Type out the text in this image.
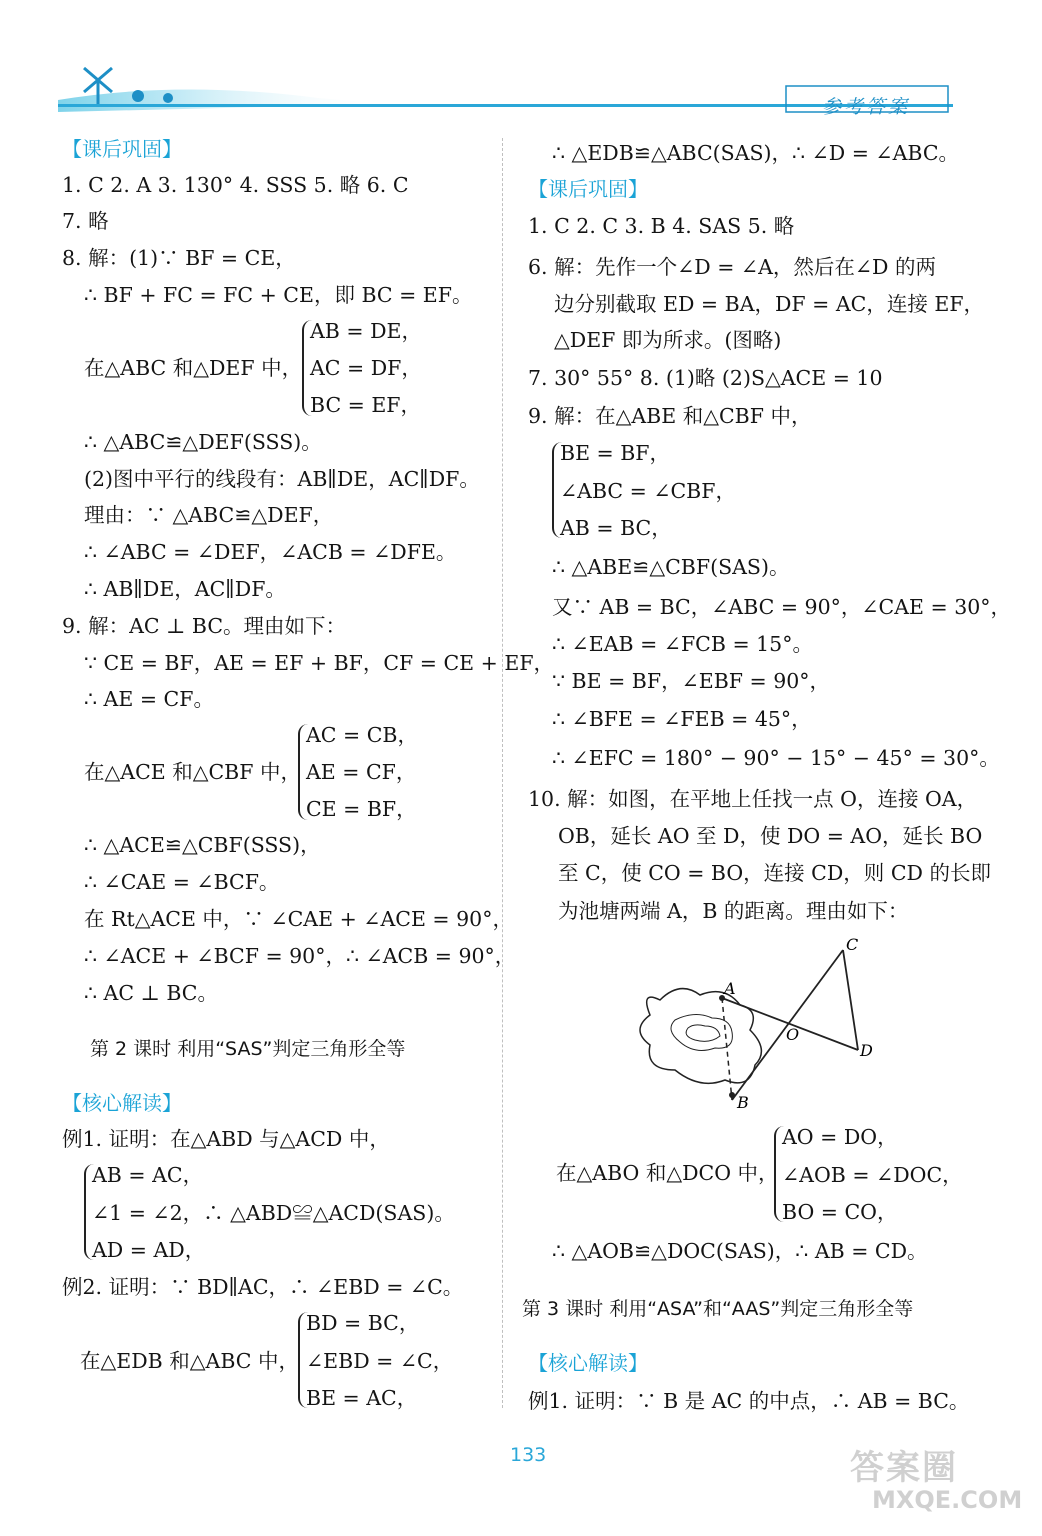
参考答案
【课后巩固】
1. C 2. A 3. 130° 4. SSS 5. 略 6. C
7. 略
8. 解：(1)∵ BF = CE，
∴ BF + FC = FC + CE，即 BC = EF。
在△ABC 和△DEF 中，
AB = DE，
AC = DF，
BC = EF，
∴ △ABC≌△DEF(SSS)。
(2)图中平行的线段有：AB∥DE，AC∥DF。
理由：∵ △ABC≌△DEF，
∴ ∠ABC = ∠DEF，∠ACB = ∠DFE。
∴ AB∥DE，AC∥DF。
9. 解：AC ⊥ BC。理由如下：
∵ CE = BF，AE = EF + BF，CF = CE + EF，
∴ AE = CF。
在△ACE 和△CBF 中，
AC = CB，
AE = CF，
CE = BF，
∴ △ACE≌△CBF(SSS)，
∴ ∠CAE = ∠BCF。
在 Rt△ACE 中，∵ ∠CAE + ∠ACE = 90°，
∴ ∠ACE + ∠BCF = 90°，∴ ∠ACB = 90°，
∴ AC ⊥ BC。
第 2 课时 利用“SAS”判定三角形全等
【核心解读】
例1. 证明：在△ABD 与△ACD 中，
AB = AC，
∠1 = ∠2，∴ △ABD≌△ACD(SAS)。
AD = AD，
例2. 证明：∵ BD∥AC，∴ ∠EBD = ∠C。
在△EDB 和△ABC 中，
BD = BC，
∠EBD = ∠C，
BE = AC，
∴ △EDB≌△ABC(SAS)，∴ ∠D = ∠ABC。
【课后巩固】
1. C 2. C 3. B 4. SAS 5. 略
6. 解：先作一个∠D = ∠A，然后在∠D 的两
边分别截取 ED = BA，DF = AC，连接 EF，
△DEF 即为所求。(图略)
7. 30° 55° 8. (1)略 (2)S△ACE = 10
9. 解：在△ABE 和△CBF 中，
BE = BF，
∠ABC = ∠CBF，
AB = BC，
∴ △ABE≌△CBF(SAS)。
又∵ AB = BC，∠ABC = 90°，∠CAE = 30°，
∴ ∠EAB = ∠FCB = 15°。
∵ BE = BF，∠EBF = 90°，
∴ ∠BFE = ∠FEB = 45°，
∴ ∠EFC = 180° − 90° − 15° − 45° = 30°。
10. 解：如图，在平地上任找一点 O，连接 OA，
OB，延长 AO 至 D，使 DO = AO，延长 BO
至 C，使 CO = BO，连接 CD，则 CD 的长即
为池塘两端 A，B 的距离。理由如下：
A
B
C
D
O
在△ABO 和△DCO 中，
AO = DO，
∠AOB = ∠DOC，
BO = CO，
∴ △AOB≌△DOC(SAS)，∴ AB = CD。
第 3 课时 利用“ASA”和“AAS”判定三角形全等
【核心解读】
例1. 证明：∵ B 是 AC 的中点，∴ AB = BC。
133	答案圈
MXQE.COM
